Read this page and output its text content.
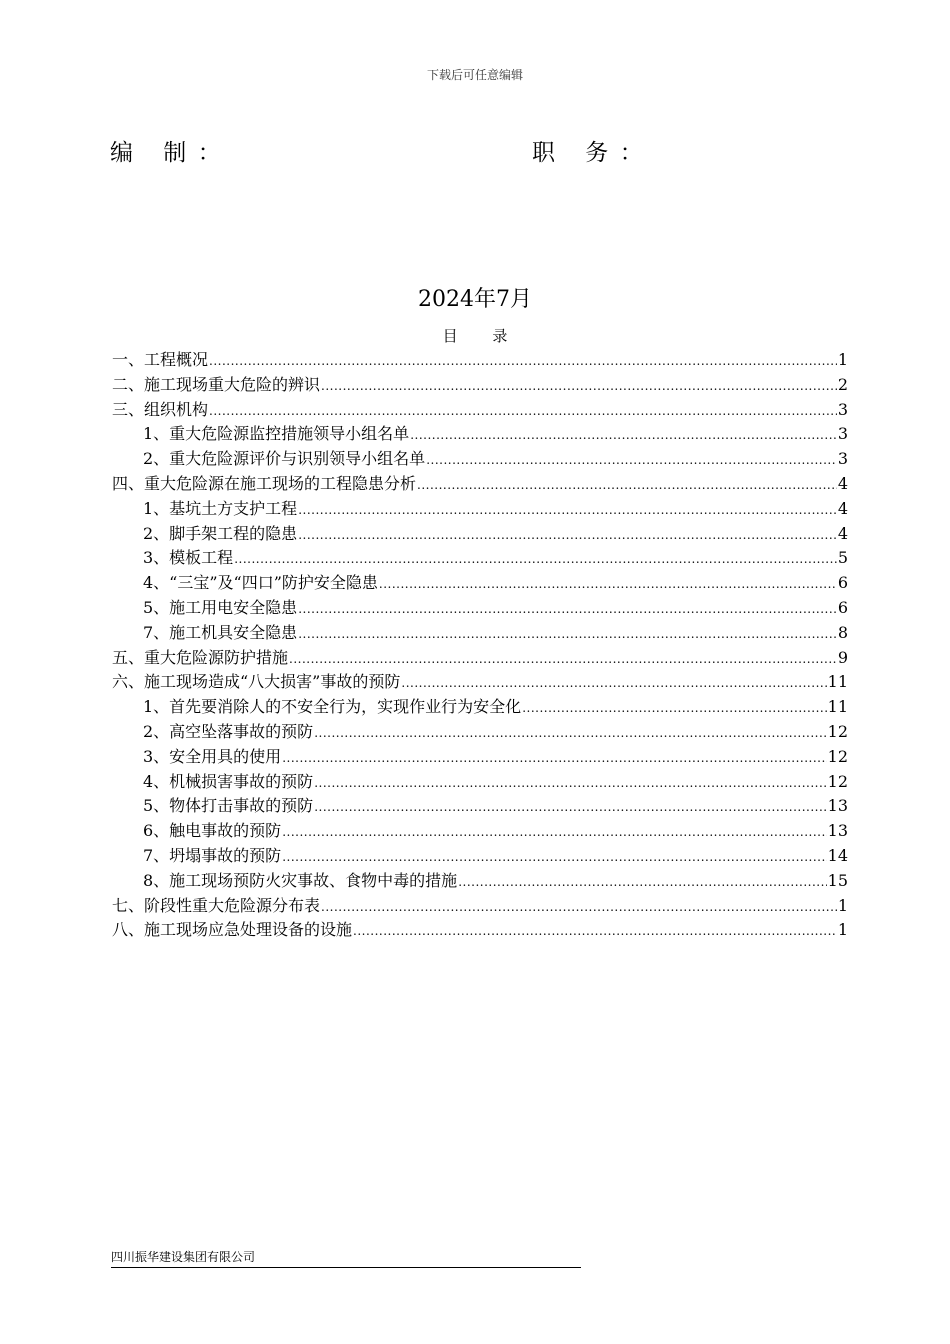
下载后可任意编辑
编 制：	职 务：
2024年7月
目 录
一、工程概况 .....	1
二、施工现场重大危险的辨识 .....	2
三、组织机构 .....	3
1、重大危险源监控措施领导小组名单 .....	3
2、重大危险源评价与识别领导小组名单 .....	3
四、重大危险源在施工现场的工程隐患分析 .....	4
1、基坑土方支护工程 .....	4
2、脚手架工程的隐患 .....	4
3、模板工程 .....	5
4、“三宝”及“四口”防护安全隐患 .....	6
5、施工用电安全隐患 .....	6
7、施工机具安全隐患 .....	8
五、重大危险源防护措施 .....	9
六、施工现场造成“八大损害”事故的预防 .....	11
1、首先要消除人的不安全行为，实现作业行为安全化 .....	11
2、高空坠落事故的预防 .....	12
3、安全用具的使用 .....	12
4、机械损害事故的预防 .....	12
5、物体打击事故的预防 .....	13
6、触电事故的预防 .....	13
7、坍塌事故的预防 .....	14
8、施工现场预防火灾事故、食物中毒的措施 .....	15
七、阶段性重大危险源分布表 .....	1
八、施工现场应急处理设备的设施 .....	1
四川振华建设集团有限公司
